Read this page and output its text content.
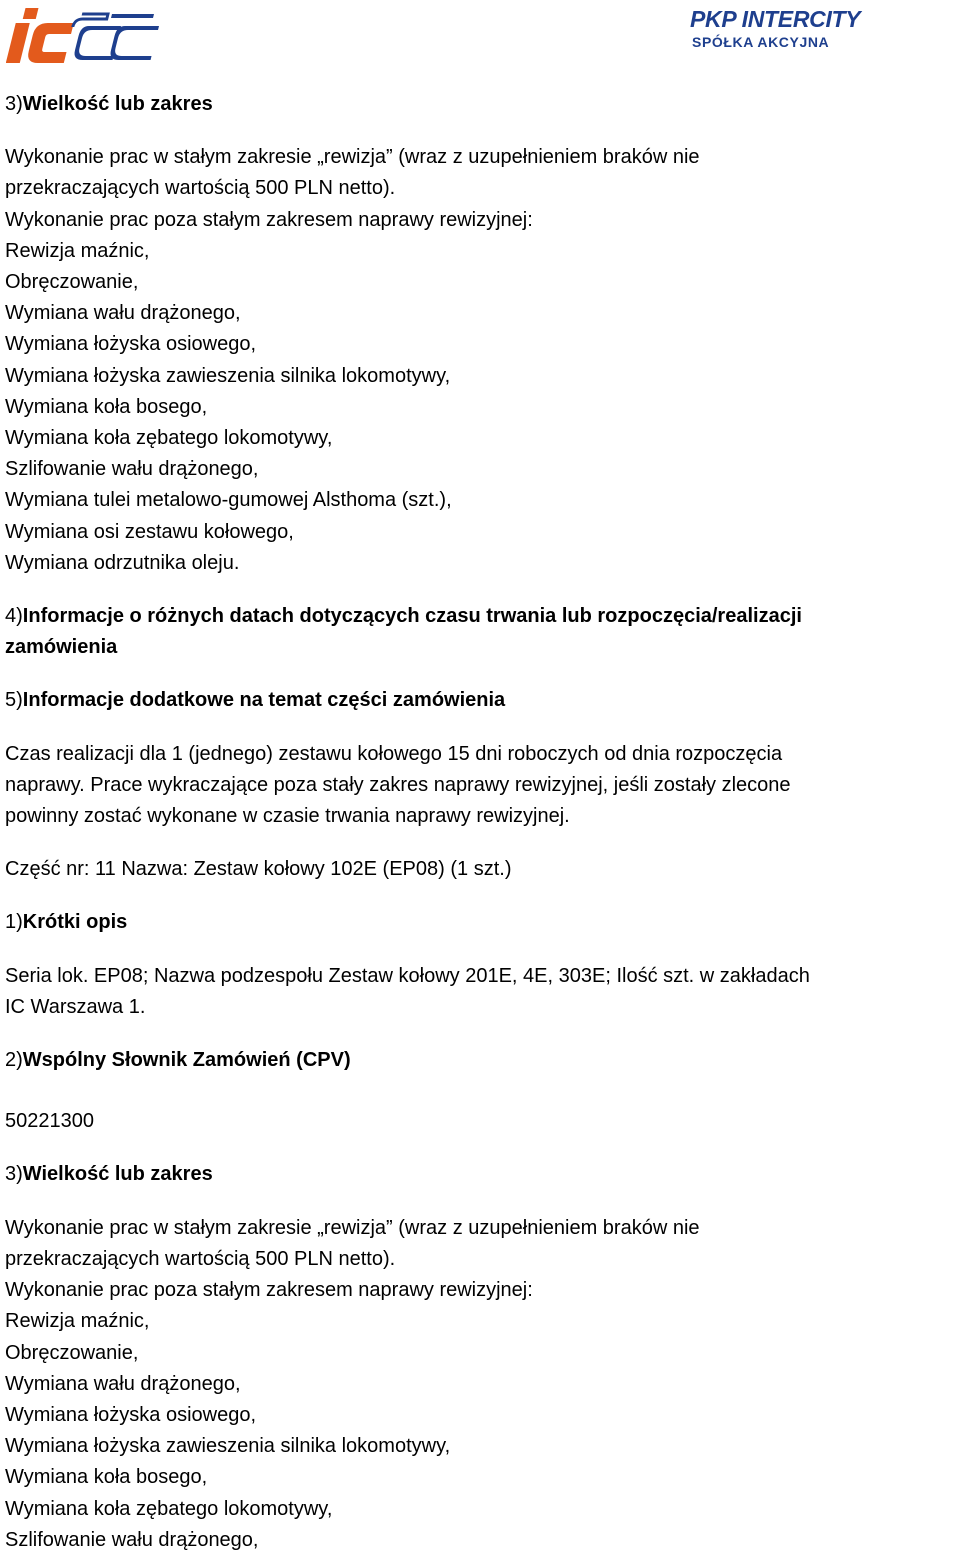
PKP INTERCITY
SPÓŁKA AKCYJNA
3)Wielkość lub zakres
Wykonanie prac w stałym zakresie „rewizja” (wraz z uzupełnieniem braków nie
przekraczających wartością 500 PLN netto).
Wykonanie prac poza stałym zakresem naprawy rewizyjnej:
Rewizja maźnic,
Obręczowanie,
Wymiana wału drążonego,
Wymiana łożyska osiowego,
Wymiana łożyska zawieszenia silnika lokomotywy,
Wymiana koła bosego,
Wymiana koła zębatego lokomotywy,
Szlifowanie wału drążonego,
Wymiana tulei metalowo-gumowej Alsthoma (szt.),
Wymiana osi zestawu kołowego,
Wymiana odrzutnika oleju.
4)Informacje o różnych datach dotyczących czasu trwania lub rozpoczęcia/realizacji
zamówienia
5)Informacje dodatkowe na temat części zamówienia
Czas realizacji dla 1 (jednego) zestawu kołowego 15 dni roboczych od dnia rozpoczęcia
naprawy. Prace wykraczające poza stały zakres naprawy rewizyjnej, jeśli zostały zlecone
powinny zostać wykonane w czasie trwania naprawy rewizyjnej.
Część nr: 11 Nazwa: Zestaw kołowy 102E (EP08) (1 szt.)
1)Krótki opis
Seria lok. EP08; Nazwa podzespołu Zestaw kołowy 201E, 4E, 303E; Ilość szt. w zakładach
IC Warszawa 1.
2)Wspólny Słownik Zamówień (CPV)
50221300
3)Wielkość lub zakres
Wykonanie prac w stałym zakresie „rewizja” (wraz z uzupełnieniem braków nie
przekraczających wartością 500 PLN netto).
Wykonanie prac poza stałym zakresem naprawy rewizyjnej:
Rewizja maźnic,
Obręczowanie,
Wymiana wału drążonego,
Wymiana łożyska osiowego,
Wymiana łożyska zawieszenia silnika lokomotywy,
Wymiana koła bosego,
Wymiana koła zębatego lokomotywy,
Szlifowanie wału drążonego,
